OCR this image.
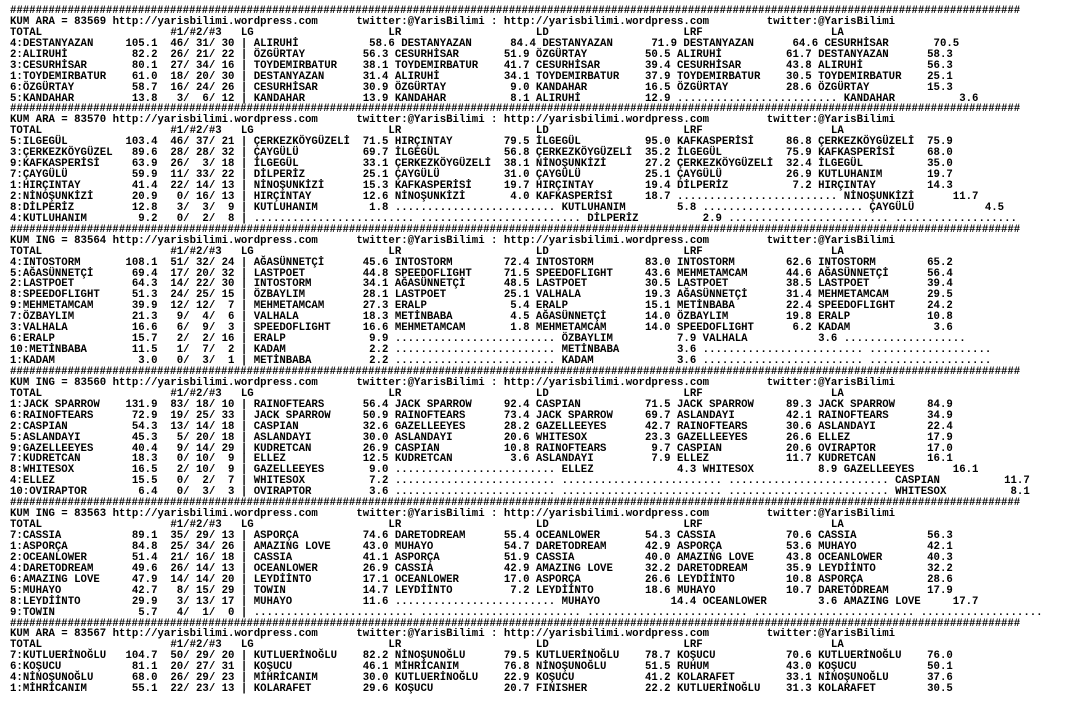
##############################################################################################################################################################
KUM ARA = 83569 http://yarisbilimi.wordpress.com      twitter:@YarisBilimi : http://yarisbilimi.wordpress.com         twitter:@YarisBilimi
TOTAL                    #1/#2/#3   LG                     LR                     LD                     LRF                    LA
4:DESTANYAZAN     105.1  46/ 31/ 30 | ALIRUHİ           58.6 DESTANYAZAN      84.4 DESTANYAZAN      71.9 DESTANYAZAN      64.6 CESURHİSAR       70.5
2:ALIRUHİ          82.2  26/ 21/ 22 | ÖZGÜRTAY         56.3 CESURHİSAR       51.9 ÖZGÜRTAY         50.5 ALIRUHİ          61.7 DESTANYAZAN      58.3
3:CESURHİSAR       80.1  27/ 34/ 16 | TOYDEMIRBATUR    38.1 TOYDEMIRBATUR    41.7 CESURHİSAR       39.4 CESURHİSAR       43.8 ALIRUHİ          56.3
1:TOYDEMIRBATUR    61.0  18/ 20/ 30 | DESTANYAZAN      31.4 ALIRUHİ          34.1 TOYDEMIRBATUR    37.9 TOYDEMIRBATUR    30.5 TOYDEMIRBATUR    25.1
6:ÖZGÜRTAY         58.7  16/ 24/ 26 | CESURHİSAR       30.9 ÖZGÜRTAY          9.0 KANDAHAR         16.5 ÖZGÜRTAY         28.6 ÖZGÜRTAY         15.3
5:KANDAHAR         13.8   3/  6/ 12 | KANDAHAR         13.9 KANDAHAR          8.1 ALIRUHİ          12.9 ......................... KANDAHAR          3.6
##############################################################################################################################################################
KUM ARA = 83570 http://yarisbilimi.wordpress.com      twitter:@YarisBilimi : http://yarisbilimi.wordpress.com         twitter:@YarisBilimi
TOTAL                    #1/#2/#3   LG                     LR                     LD                     LRF                    LA
5:ILGEGÜL         103.4  46/ 37/ 21 | ÇERKEZKÖYGÜZELİ  71.5 HIRÇINTAY        79.5 İLGEGÜL          95.0 KAFKASPERİSİ     86.8 ÇERKEZKÖYGÜZELİ  75.9
3:ÇERKEZKÖYGÜZEL   89.6  28/ 28/ 32 | ÇAYGÜLÜ          69.7 İLGEGÜL          56.8 ÇERKEZKÖYGÜZELİ  35.2 İLGEGÜL          75.9 KAFKASPERİSİ     68.0
9:KAFKASPERİSİ     63.9  26/  3/ 18 | İLGEGÜL          33.1 ÇERKEZKÖYGÜZELİ  38.1 NİNOŞUNKİZİ      27.2 ÇERKEZKÖYGÜZELİ  32.4 İLGEGÜL          35.0
7:ÇAYGÜLÜ          59.9  11/ 33/ 22 | DİLPERİZ         25.1 ÇAYGÜLÜ          31.0 ÇAYGÜLÜ          25.1 ÇAYGÜLÜ          26.9 KUTLUHANIM       19.7
1:HIRÇINTAY        41.4  22/ 14/ 13 | NİNOŞUNKİZİ      15.3 KAFKASPERİSİ     19.7 HIRÇINTAY        19.4 DİLPERİZ          7.2 HIRÇINTAY        14.3
2:NİNOŞUNKİZİ      20.9   0/ 16/ 13 | HIRÇINTAY        12.6 NİNOŞUNKİZİ       4.0 KAFKASPERİSİ     18.7 ......................... NİNOŞUNKİZİ      11.7
8:DİLPERİZ         12.8   3/  3/  9 | KUTLUHANIM        1.8 ......................... KUTLUHANIM        5.8 ......................... ÇAYGÜLÜ           4.5
4:KUTLUHANIM        9.2   0/  2/  8 | ......................... ......................... DİLPERİZ          2.9 ......................... ...................
##############################################################################################################################################################
KUM ING = 83564 http://yarisbilimi.wordpress.com      twitter:@YarisBilimi : http://yarisbilimi.wordpress.com         twitter:@YarisBilimi
TOTAL                    #1/#2/#3   LG                     LR                     LD                     LRF                    LA
4:INTOSTORM       108.1  51/ 32/ 24 | AĞASÜNNETÇİ      45.6 INTOSTORM        72.4 INTOSTORM        83.0 INTOSTORM        62.6 INTOSTORM        65.2
5:AĞASÜNNETÇİ      69.4  17/ 20/ 32 | LASTPOET         44.8 SPEEDOFLIGHT     71.5 SPEEDOFLIGHT     43.6 MEHMETAMCAM      44.6 AĞASÜNNETÇİ      56.4
2:LASTPOET         64.3  14/ 22/ 30 | INTOSTORM        34.1 AĞASÜNNETÇİ      48.5 LASTPOET         30.5 LASTPOET         38.5 LASTPOET         39.4
8:SPEEDOFLIGHT     51.3  24/ 25/ 15 | ÖZBAYLIM         28.1 LASTPOET         25.1 VALHALA          19.3 AĞASÜNNETÇİ      31.4 MEHMETAMCAM      29.5
9:MEHMETAMCAM      39.9  12/ 12/  7 | MEHMETAMCAM      27.3 ERALP             5.4 ERALP            15.1 METİNBABA        22.4 SPEEDOFLIGHT     24.2
7:ÖZBAYLIM         21.3   9/  4/  6 | VALHALA          18.3 METİNBABA         4.5 AĞASÜNNETÇİ      14.0 ÖZBAYLIM         19.8 ERALP            10.8
3:VALHALA          16.6   6/  9/  3 | SPEEDOFLIGHT     16.6 MEHMETAMCAM       1.8 MEHMETAMCAM      14.0 SPEEDOFLIGHT      6.2 KADAM             3.6
6:ERALP            15.7   2/  2/ 16 | ERALP             9.9 ......................... ÖZBAYLIM          7.9 VALHALA           3.6 ...................
10:METİNBABA       11.5   1/  7/  2 | KADAM             2.2 ......................... METİNBABA         3.6 ......................... ...................
1:KADAM             3.0   0/  3/  1 | METİNBABA         2.2 ......................... KADAM             3.6 ......................... ...................
##############################################################################################################################################################
KUM ING = 83560 http://yarisbilimi.wordpress.com      twitter:@YarisBilimi : http://yarisbilimi.wordpress.com         twitter:@YarisBilimi
TOTAL                    #1/#2/#3   LG                     LR                     LD                     LRF                    LA
1:JACK SPARROW    131.9  83/ 18/ 10 | RAINOFTEARS      56.4 JACK SPARROW     92.4 CASPIAN          71.5 JACK SPARROW     89.3 JACK SPARROW     84.9
6:RAINOFTEARS      72.9  19/ 25/ 33 | JACK SPARROW     50.9 RAINOFTEARS      73.4 JACK SPARROW     69.7 ASLANDAYI        42.1 RAINOFTEARS      34.9
2:CASPIAN          54.3  13/ 14/ 18 | CASPIAN          32.6 GAZELLEEYES      28.2 GAZELLEEYES      42.7 RAINOFTEARS      30.6 ASLANDAYI        22.4
5:ASLANDAYI        45.3   5/ 20/ 18 | ASLANDAYI        30.0 ASLANDAYI        20.6 WHITESOX         23.3 GAZELLEEYES      26.6 ELLEZ            17.9
9:GAZELLEEYES      40.4   9/ 14/ 29 | KUDRETCAN        26.9 CASPIAN          10.8 RAINOFTEARS       9.7 CASPIAN          20.6 OVIRAPTOR        17.0
7:KUDRETCAN        18.3   0/ 10/  9 | ELLEZ            12.5 KUDRETCAN         3.6 ASLANDAYI         7.9 ELLEZ            11.7 KUDRETCAN        16.1
8:WHITESOX         16.5   2/ 10/  9 | GAZELLEEYES       9.0 ......................... ELLEZ             4.3 WHITESOX          8.9 GAZELLEEYES      16.1
4:ELLEZ            15.5   0/  2/  7 | WHITESOX          7.2 ......................... ......................... ......................... CASPIAN          11.7
10:OVIRAPTOR        6.4   0/  3/  3 | OVIRAPTOR         3.6 ......................... ......................... ......................... WHITESOX          8.1
##############################################################################################################################################################
KUM ING = 83563 http://yarisbilimi.wordpress.com      twitter:@YarisBilimi : http://yarisbilimi.wordpress.com         twitter:@YarisBilimi
TOTAL                    #1/#2/#3   LG                     LR                     LD                     LRF                    LA
7:CASSIA           89.1  35/ 29/ 13 | ASPORÇA          74.6 DARETODREAM      55.4 OCEANLOWER       54.3 CASSIA           70.6 CASSIA           56.3
1:ASPORÇA          84.8  25/ 34/ 26 | AMAZING LOVE     43.0 MUHAYO           54.7 DARETODREAM      42.9 ASPORÇA          53.6 MUHAYO           42.1
2:OCEANLOWER       51.4  21/ 16/ 18 | CASSIA           41.1 ASPORÇA          51.9 CASSIA           40.0 AMAZING LOVE     43.8 OCEANLOWER       40.3
4:DARETODREAM      49.6  26/ 14/ 13 | OCEANLOWER       26.9 CASSIA           42.9 AMAZING LOVE     32.2 DARETODREAM      35.9 LEYDİİNTO        32.2
6:AMAZING LOVE     47.9  14/ 14/ 20 | LEYDİİNTO        17.1 OCEANLOWER       17.0 ASPORÇA          26.6 LEYDİİNTO        10.8 ASPORÇA          28.6
5:MUHAYO           42.7   8/ 15/ 29 | TOWIN            14.7 LEYDİİNTO         7.2 LEYDİİNTO        18.6 MUHAYO           10.7 DARETODREAM      17.9
8:LEYDİİNTO        29.9   3/ 13/ 17 | MUHAYO           11.6 ......................... MUHAYO           14.4 OCEANLOWER        3.6 AMAZING LOVE     17.7
9:TOWIN             5.7   4/  1/  0 | ......................... ......................... ......................... ......................... ...................
##############################################################################################################################################################
KUM ARA = 83567 http://yarisbilimi.wordpress.com      twitter:@YarisBilimi : http://yarisbilimi.wordpress.com         twitter:@YarisBilimi
TOTAL                    #1/#2/#3   LG                     LR                     LD                     LRF                    LA
7:KUTLUERİNOĞLU   104.7  50/ 29/ 20 | KUTLUERİNOĞLU    82.2 NİNOŞUNOĞLU      79.5 KUTLUERİNOĞLU    78.7 KOŞUCU           70.6 KUTLUERİNOĞLU    76.0
6:KOŞUCU           81.1  20/ 27/ 31 | KOŞUCU           46.1 MİHRİCANIM       76.8 NİNOŞUNOĞLU      51.5 RUHUM            43.0 KOŞUCU           50.1
4:NİNOŞUNOĞLU      68.0  26/ 29/ 23 | MİHRİCANIM       30.0 KUTLUERİNOĞLU    22.9 KOŞUCU           41.2 KOLARAFET        33.1 NİNOŞUNOĞLU      37.6
1:MİHRİCANIM       55.1  22/ 23/ 13 | KOLARAFET        29.6 KOŞUCU           20.7 FINISHER         22.2 KUTLUERİNOĞLU    31.3 KOLARAFET        30.5
